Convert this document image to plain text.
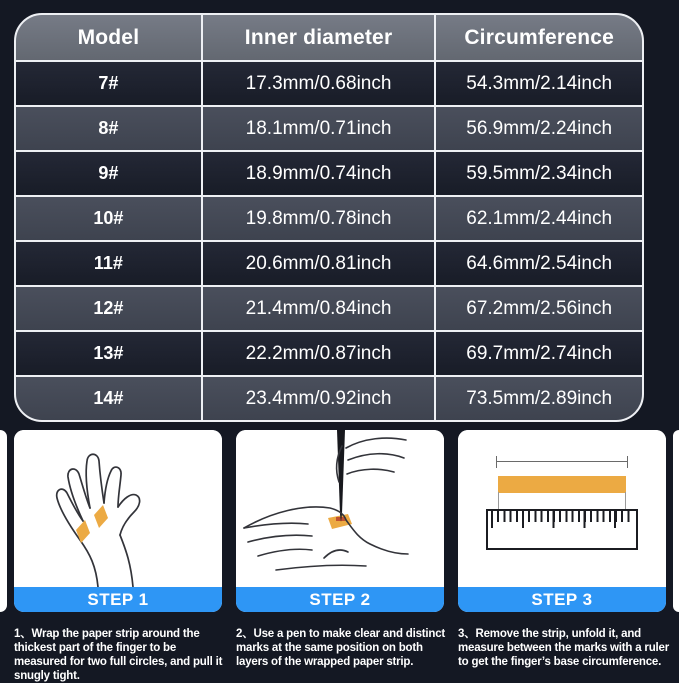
Model	Inner diameter	Circumference
7#	17.3mm/0.68inch	54.3mm/2.14inch
8#	18.1mm/0.71inch	56.9mm/2.24inch
9#	18.9mm/0.74inch	59.5mm/2.34inch
10#	19.8mm/0.78inch	62.1mm/2.44inch
11#	20.6mm/0.81inch	64.6mm/2.54inch
12#	21.4mm/0.84inch	67.2mm/2.56inch
13#	22.2mm/0.87inch	69.7mm/2.74inch
14#	23.4mm/0.92inch	73.5mm/2.89inch
STEP 1	STEP 2	STEP 3
1、Wrap the paper strip around the thickest part of the finger to be measured for two full circles, and pull it snugly tight.
2、Use a pen to make clear and distinct marks at the same position on both layers of the wrapped paper strip.
3、Remove the strip, unfold it, and measure between the marks with a ruler to get the finger’s base circumference.
